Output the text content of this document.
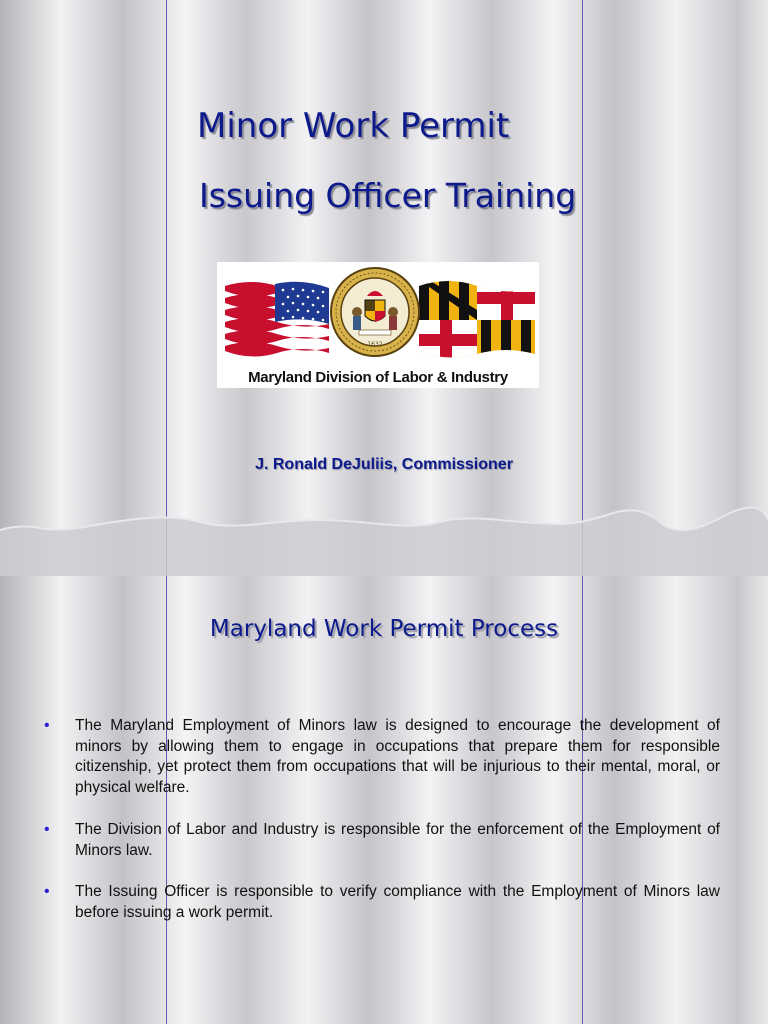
Minor Work Permit
Issuing Officer Training
1632
Maryland Division of Labor & Industry
J. Ronald DeJuliis, Commissioner
Maryland Work Permit Process
• The Maryland Employment of Minors law is designed to encourage the development of minors by allowing them to engage in occupations that prepare them for responsible citizenship, yet protect them from occupations that will be injurious to their mental, moral, or physical welfare.
• The Division of Labor and Industry is responsible for the enforcement of the Employment of Minors law.
• The Issuing Officer is responsible to verify compliance with the Employment of Minors law before issuing a work permit.
